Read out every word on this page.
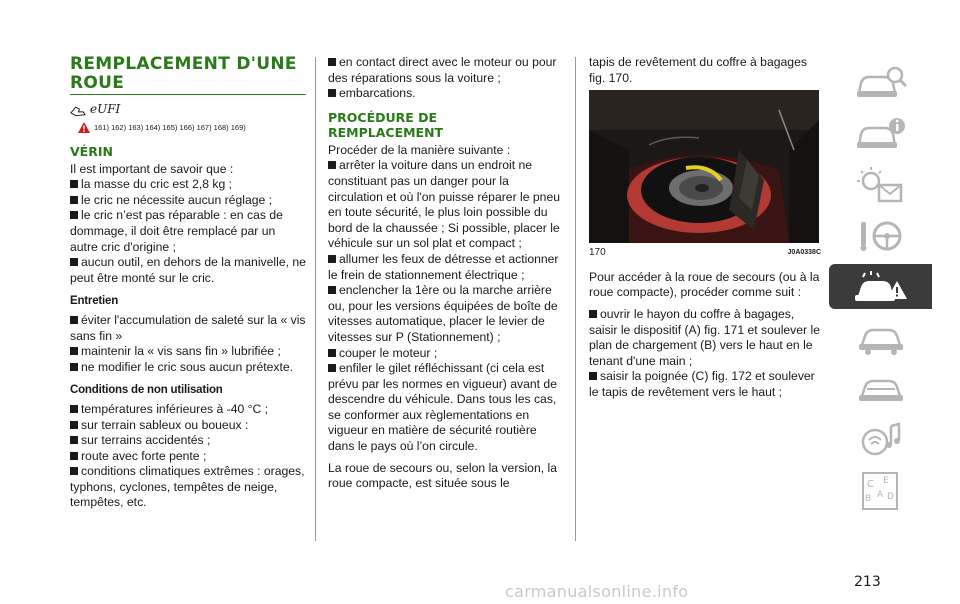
REMPLACEMENT D'UNE
ROUE
eUFI
161) 162) 163) 164) 165) 166) 167) 168) 169)
VÉRIN

Il est important de savoir que :

la masse du cric est 2,8 kg ;

le cric ne nécessite aucun réglage ;

le cric n’est pas réparable : en cas de dommage, il doit être remplacé par un autre cric d'origine ;

aucun outil, en dehors de la manivelle, ne peut être monté sur le cric.

Entretien

éviter l'accumulation de saleté sur la « vis sans fin »

maintenir la « vis sans fin » lubrifiée ;

ne modifier le cric sous aucun prétexte.

Conditions de non utilisation

températures inférieures à -40 °C ;

sur terrain sableux ou boueux :

sur terrains accidentés ;

route avec forte pente ;

conditions climatiques extrêmes : orages, typhons, cyclones, tempêtes de neige, tempêtes, etc.

en contact direct avec le moteur ou pour des réparations sous la voiture ;

embarcations.

PROCÉDURE DE REMPLACEMENT

Procéder de la manière suivante :

arrêter la voiture dans un endroit ne constituant pas un danger pour la circulation et où l'on puisse réparer le pneu en toute sécurité, le plus loin possible du bord de la chaussée ; Si possible, placer le véhicule sur un sol plat et compact ;

allumer les feux de détresse et actionner le frein de stationnement électrique ;

enclencher la 1ère ou la marche arrière ou, pour les versions équipées de boîte de vitesses automatique, placer le levier de vitesses sur P (Stationnement) ;

couper le moteur ;

enfiler le gilet réfléchissant (ci cela est prévu par les normes en vigueur) avant de descendre du véhicule. Dans tous les cas, se conformer aux règlementations en vigueur en matière de sécurité routière dans le pays où l’on circule.

La roue de secours ou, selon la version, la roue compacte, est située sous le

tapis de revêtement du coffre à bagages fig. 170.

170	J0A0338C

Pour accéder à la roue de secours (ou à la roue compacte), procéder comme suit :

ouvrir le hayon du coffre à bagages, saisir le dispositif (A) fig. 171 et soulever le plan de chargement (B) vers le haut en le tenant d'une main ;

saisir la poignée (C) fig. 172 et soulever le tapis de revêtement vers le haut ;

C E
B A D
213
carmanualsonline.info
